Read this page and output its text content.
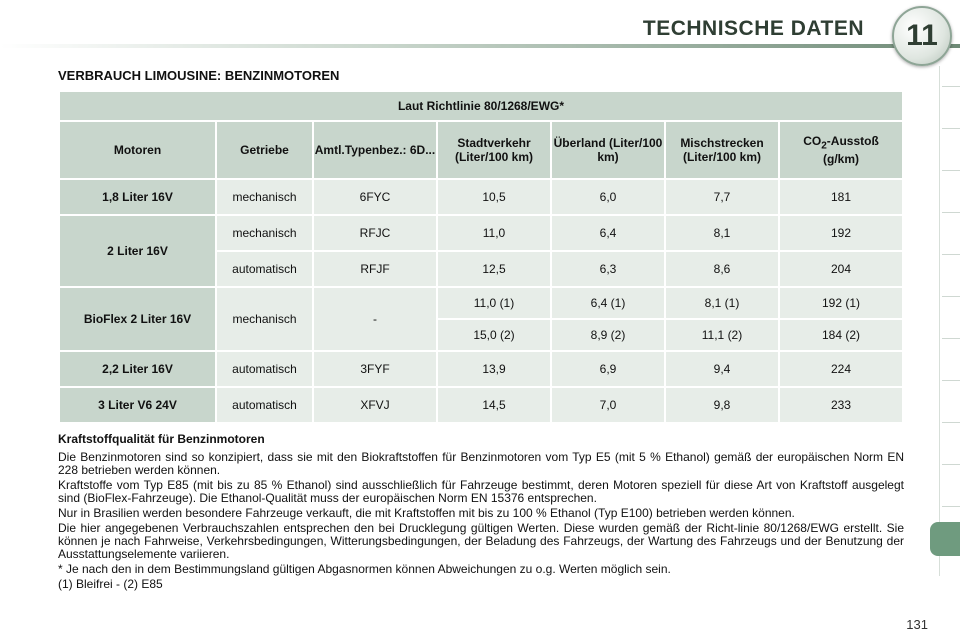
TECHNISCHE DATEN	11
VERBRAUCH LIMOUSINE: BENZINMOTOREN
Laut Richtlinie 80/1268/EWG*						
Motoren	Getriebe	Amtl.Typenbez.: 6D...	Stadtverkehr (Liter/100 km)	Überland (Liter/100 km)	Mischstrecken (Liter/100 km)	$CO_2$-Ausstoß
(g/km)
1,8 Liter 16V	mechanisch	6FYC	10,5	6,0	7,7	181
2 Liter 16V	mechanisch	RFJC	11,0	6,4	8,1	192
	automatisch	RFJF	12,5	6,3	8,6	204
BioFlex 2 Liter 16V	mechanisch	-	11,0 (1)	6,4 (1)	8,1 (1)	192 (1)
			15,0 (2)	8,9 (2)	11,1 (2)	184 (2)
2,2 Liter 16V	automatisch	3FYF	13,9	6,9	9,4	224
3 Liter V6 24V	automatisch	XFVJ	14,5	7,0	9,8	233

Kraftstoffqualität für Benzinmotoren

Die Benzinmotoren sind so konzipiert, dass sie mit den Biokraftstoffen für Benzinmotoren vom Typ E5 (mit 5 % Ethanol) gemäß der europäischen Norm EN 228 betrieben werden können.

Kraftstoffe vom Typ E85 (mit bis zu 85 % Ethanol) sind ausschließlich für Fahrzeuge bestimmt, deren Motoren speziell für diese Art von Kraftstoff ausgelegt sind (BioFlex-Fahrzeuge). Die Ethanol-Qualität muss der europäischen Norm EN 15376 entsprechen.

Nur in Brasilien werden besondere Fahrzeuge verkauft, die mit Kraftstoffen mit bis zu 100 % Ethanol (Typ E100) betrieben werden können.

Die hier angegebenen Verbrauchszahlen entsprechen den bei Drucklegung gültigen Werten. Diese wurden gemäß der Richt-linie 80/1268/EWG erstellt. Sie können je nach Fahrweise, Verkehrsbedingungen, Witterungsbedingungen, der Beladung des Fahrzeugs, der Wartung des Fahrzeugs und der Benutzung der Ausstattungselemente variieren.

* Je nach den in dem Bestimmungsland gültigen Abgasnormen können Abweichungen zu o.g. Werten möglich sein.

(1) Bleifrei - (2) E85

131
